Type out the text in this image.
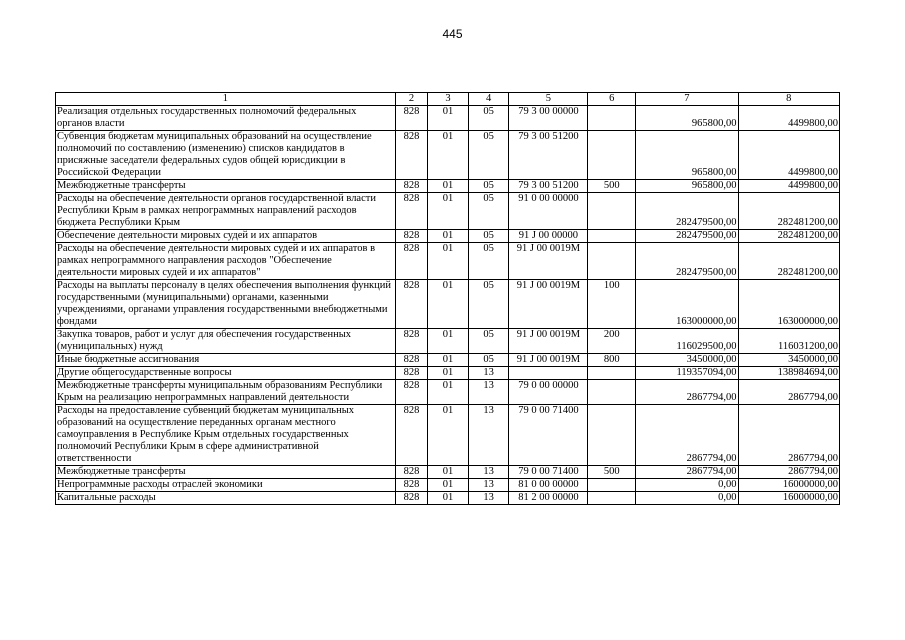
445
1	2	3	4	5	6	7	8
Реализация отдельных государственных полномочий федеральных органов власти	828	01	05	79 3 00 00000		965800,00	4499800,00
Субвенция бюджетам муниципальных образований на осуществление полномочий по составлению (изменению) списков кандидатов в присяжные заседатели федеральных судов общей юрисдикции в Российской Федерации	828	01	05	79 3 00 51200		965800,00	4499800,00
Межбюджетные трансферты	828	01	05	79 3 00 51200	500	965800,00	4499800,00
Расходы на обеспечение деятельности органов государственной власти Республики Крым в рамках непрограммных направлений расходов бюджета Республики Крым	828	01	05	91 0 00 00000		282479500,00	282481200,00
Обеспечение деятельности мировых судей и их аппаратов	828	01	05	91 J 00 00000		282479500,00	282481200,00
Расходы на обеспечение деятельности мировых судей и их аппаратов в рамках непрограммного направления расходов "Обеспечение деятельности мировых судей и их аппаратов"	828	01	05	91 J 00 0019М		282479500,00	282481200,00
Расходы на выплаты персоналу в целях обеспечения выполнения функций государственными (муниципальными) органами, казенными учреждениями, органами управления государственными внебюджетными фондами	828	01	05	91 J 00 0019М	100	163000000,00	163000000,00
Закупка товаров, работ и услуг для обеспечения государственных (муниципальных) нужд	828	01	05	91 J 00 0019М	200	116029500,00	116031200,00
Иные бюджетные ассигнования	828	01	05	91 J 00 0019М	800	3450000,00	3450000,00
Другие общегосударственные вопросы	828	01	13			119357094,00	138984694,00
Межбюджетные трансферты муниципальным образованиям Республики Крым на реализацию непрограммных направлений деятельности	828	01	13	79 0 00 00000		2867794,00	2867794,00
Расходы на предоставление субвенций бюджетам муниципальных образований на осуществление переданных органам местного самоуправления в Республике Крым отдельных государственных полномочий Республики Крым в сфере административной ответственности	828	01	13	79 0 00 71400		2867794,00	2867794,00
Межбюджетные трансферты	828	01	13	79 0 00 71400	500	2867794,00	2867794,00
Непрограммные расходы отраслей экономики	828	01	13	81 0 00 00000		0,00	16000000,00
Капитальные расходы	828	01	13	81 2 00 00000		0,00	16000000,00
